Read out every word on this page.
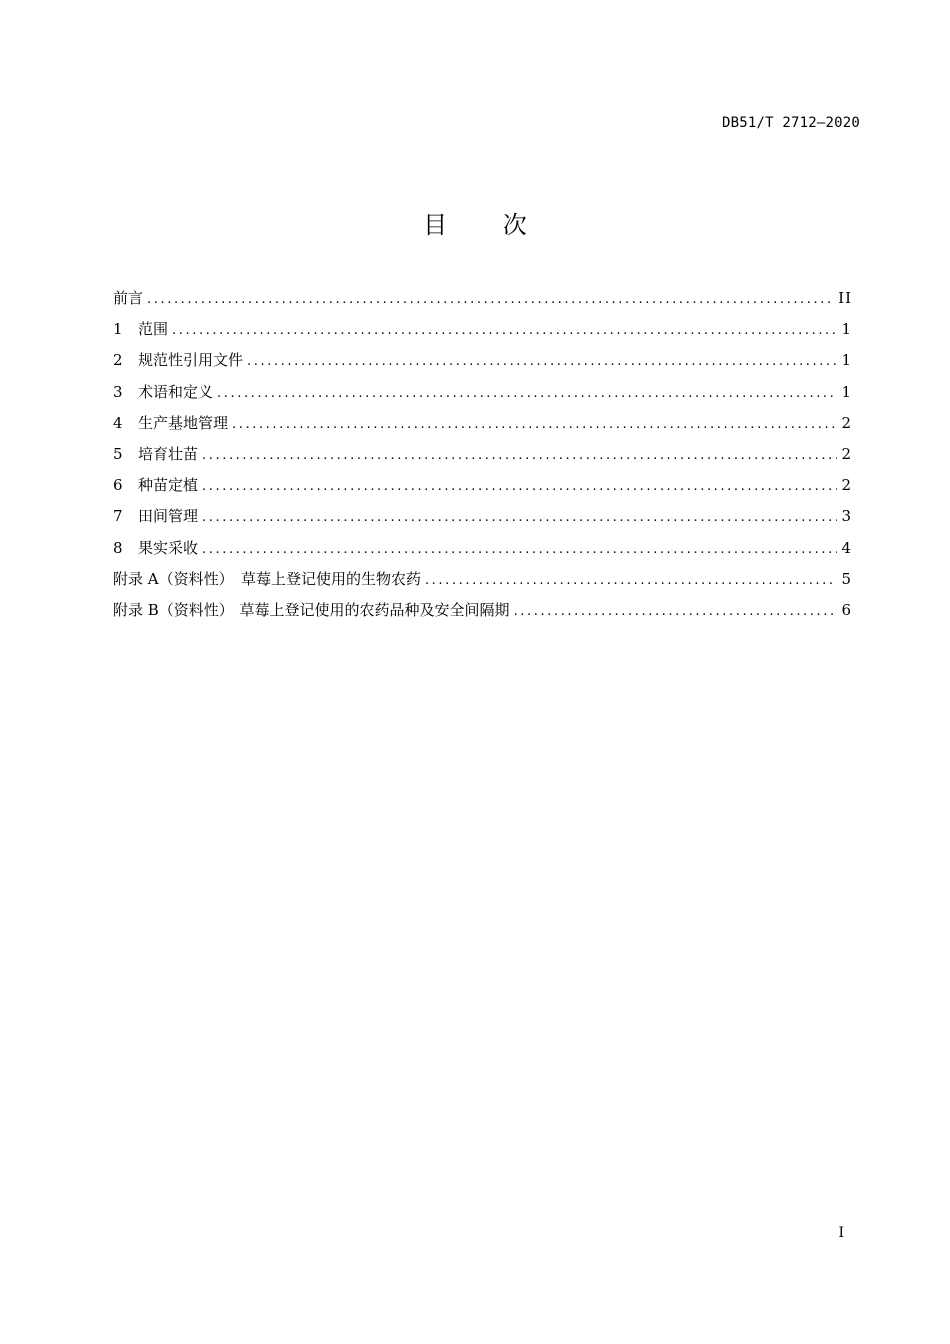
DB51/T 2712—2020
目 次
前言 .....	II
1	范围 .....	1
2	规范性引用文件 .....	1
3	术语和定义 .....	1
4	生产基地管理 .....	2
5	培育壮苗 .....	2
6	种苗定植 .....	2
7	田间管理 .....	3
8	果实采收 .....	4
附录 A（资料性） 草莓上登记使用的生物农药 .....	5
附录 B（资料性） 草莓上登记使用的农药品种及安全间隔期 .....	6
I
